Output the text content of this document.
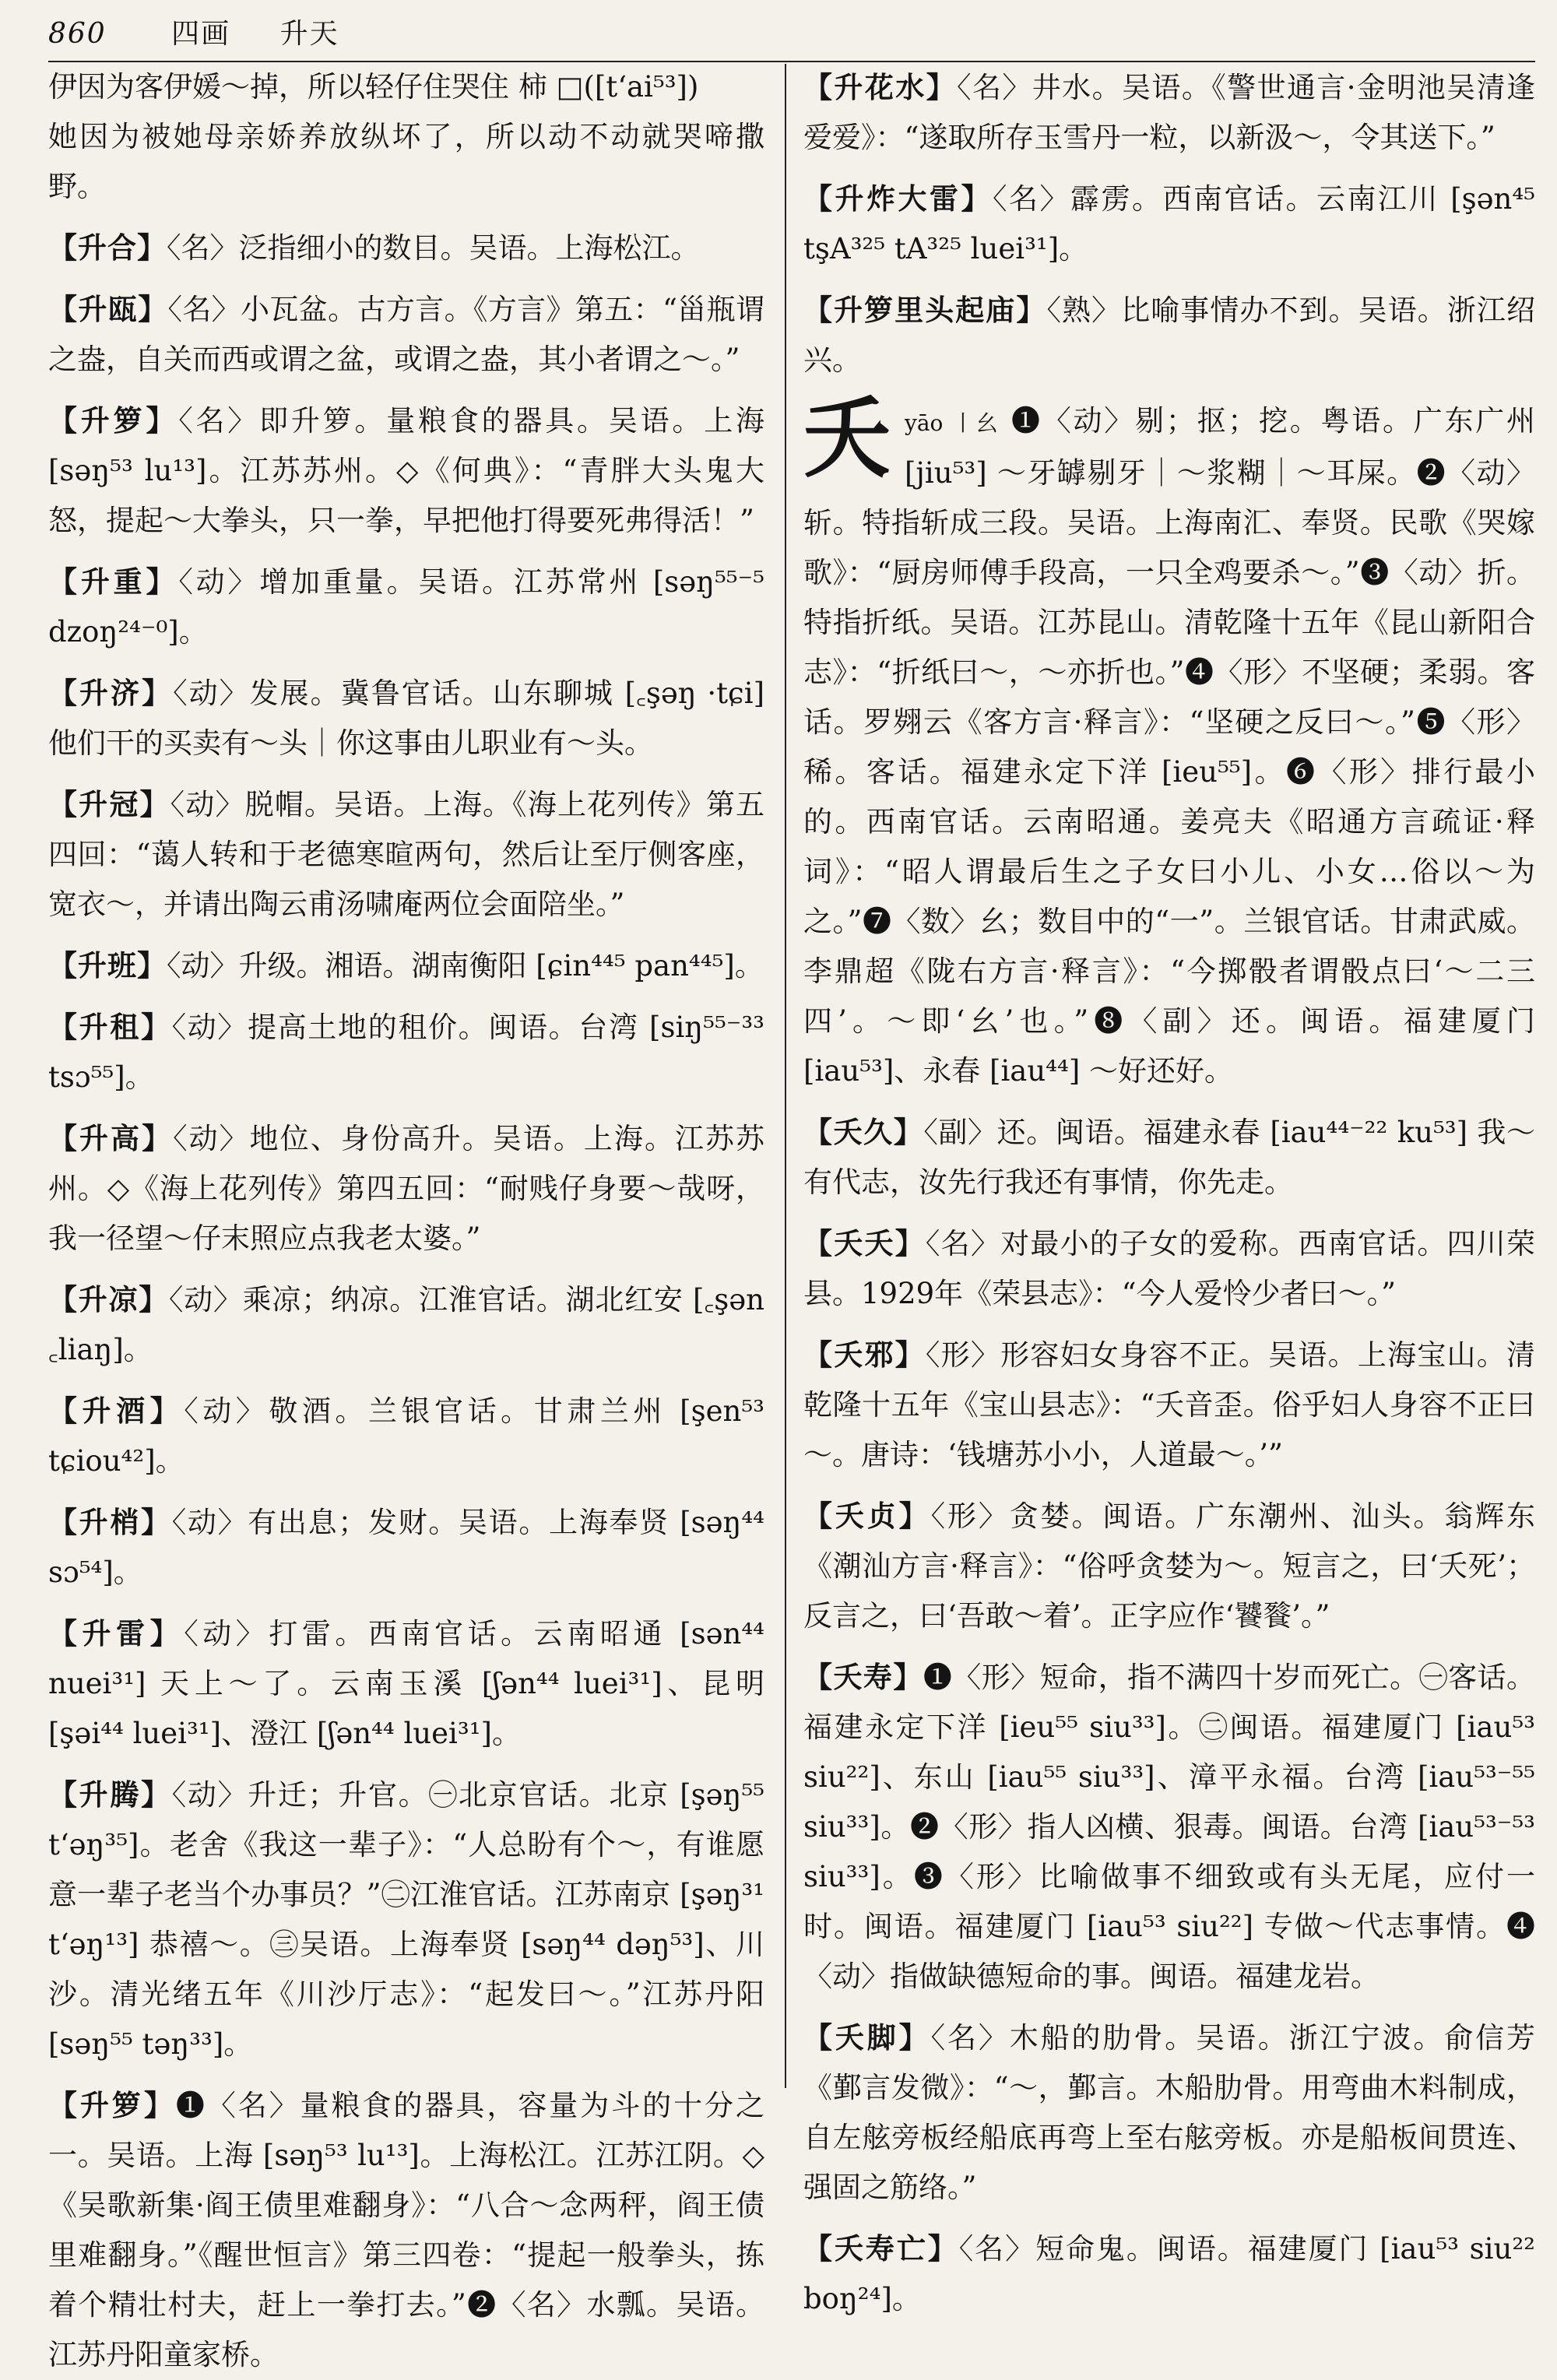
860 四画 升天
伊因为客伊媛～掉，所以轻仔住哭住 柿 □([t‘ai⁵³])
她因为被她母亲娇养放纵坏了，所以动不动就哭啼撒野。

【升合】〈名〉泛指细小的数目。吴语。上海松江。

【升瓯】〈名〉小瓦盆。古方言。《方言》第五：“甾瓶谓之盎，自关而西或谓之盆，或谓之盎，其小者谓之～。”

【升箩】〈名〉即升箩。量粮食的器具。吴语。上海 [sәŋ⁵³ lu¹³]。江苏苏州。◇《何典》：“青胖大头鬼大怒，提起～大拳头，只一拳，早把他打得要死弗得活！”

【升重】〈动〉增加重量。吴语。江苏常州 [sәŋ⁵⁵⁻⁵ dzoŋ²⁴⁻⁰]。

【升济】〈动〉发展。冀鲁官话。山东聊城 [꜀şәŋ ·tɕi] 他们干的买卖有～头｜你这事由儿职业有～头。

【升冠】〈动〉脱帽。吴语。上海。《海上花列传》第五四回：“蔼人转和于老德寒暄两句，然后让至厅侧客座，宽衣～，并请出陶云甫汤啸庵两位会面陪坐。”

【升班】〈动〉升级。湘语。湖南衡阳 [ɕin⁴⁴⁵ pan⁴⁴⁵]。

【升租】〈动〉提高土地的租价。闽语。台湾 [siŋ⁵⁵⁻³³ tsɔ⁵⁵]。

【升高】〈动〉地位、身份高升。吴语。上海。江苏苏州。◇《海上花列传》第四五回：“耐贱仔身要～哉呀，我一径望～仔末照应点我老太婆。”

【升凉】〈动〉乘凉；纳凉。江淮官话。湖北红安 [꜀şәn ꜀liaŋ]。

【升酒】〈动〉敬酒。兰银官话。甘肃兰州 [şen⁵³ tɕiou⁴²]。

【升梢】〈动〉有出息；发财。吴语。上海奉贤 [sәŋ⁴⁴ sɔ⁵⁴]。

【升雷】〈动〉打雷。西南官话。云南昭通 [sәn⁴⁴ nuei³¹] 天上～了。云南玉溪 [ʃәn⁴⁴ luei³¹]、昆明 [şәi⁴⁴ luei³¹]、澄江 [ʃәn⁴⁴ luei³¹]。

【升腾】〈动〉升迁；升官。㊀北京官话。北京 [şәŋ⁵⁵ t‘әŋ³⁵]。老舍《我这一辈子》：“人总盼有个～，有谁愿意一辈子老当个办事员？”㊁江淮官话。江苏南京 [şәŋ³¹ t‘әŋ¹³] 恭禧～。㊂吴语。上海奉贤 [sәŋ⁴⁴ dәŋ⁵³]、川沙。清光绪五年《川沙厅志》：“起发曰～。”江苏丹阳 [sәŋ⁵⁵ tәŋ³³]。

【升箩】❶〈名〉量粮食的器具，容量为斗的十分之一。吴语。上海 [sәŋ⁵³ lu¹³]。上海松江。江苏江阴。◇《吴歌新集·阎王债里难翻身》：“八合～念两秤，阎王债里难翻身。”《醒世恒言》第三四卷：“提起一般拳头，拣着个精壮村夫，赶上一拳打去。”❷〈名〉水瓢。吴语。江苏丹阳童家桥。

【升花水】〈名〉井水。吴语。《警世通言·金明池吴清逢爱爱》：“遂取所存玉雪丹一粒，以新汲～，令其送下。”

【升炸大雷】〈名〉霹雳。西南官话。云南江川 [şәn⁴⁵ tşA³²⁵ tA³²⁵ luei³¹]。

【升箩里头起庙】〈熟〉比喻事情办不到。吴语。浙江绍兴。

夭 yāo 丨幺 ❶〈动〉剔；抠；挖。粤语。广东广州 [jiu⁵³] ～牙罅剔牙｜～浆糊｜～耳屎。❷〈动〉斩。特指斩成三段。吴语。上海南汇、奉贤。民歌《哭嫁歌》：“厨房师傅手段高，一只全鸡要杀～。”❸〈动〉折。特指折纸。吴语。江苏昆山。清乾隆十五年《昆山新阳合志》：“折纸曰～，～亦折也。”❹〈形〉不坚硬；柔弱。客话。罗翙云《客方言·释言》：“坚硬之反曰～。”❺〈形〉稀。客话。福建永定下洋 [ieu⁵⁵]。❻〈形〉排行最小的。西南官话。云南昭通。姜亮夫《昭通方言疏证·释词》：“昭人谓最后生之子女曰小儿、小女…俗以～为之。”❼〈数〉幺；数目中的“一”。兰银官话。甘肃武威。李鼎超《陇右方言·释言》：“今掷骰者谓骰点曰‘～二三四’。～即‘幺’也。”❽〈副〉还。闽语。福建厦门 [iau⁵³]、永春 [iau⁴⁴] ～好还好。

【夭久】〈副〉还。闽语。福建永春 [iau⁴⁴⁻²² ku⁵³] 我～有代志，汝先行我还有事情，你先走。

【夭夭】〈名〉对最小的子女的爱称。西南官话。四川荣县。1929年《荣县志》：“今人爱怜少者曰～。”

【夭邪】〈形〉形容妇女身容不正。吴语。上海宝山。清乾隆十五年《宝山县志》：“夭音歪。俗乎妇人身容不正曰～。唐诗：‘钱塘苏小小，人道最～。’”

【夭贞】〈形〉贪婪。闽语。广东潮州、汕头。翁辉东《潮汕方言·释言》：“俗呼贪婪为～。短言之，曰‘夭死’；反言之，曰‘吾敢～着’。正字应作‘饕餮’。”

【夭寿】❶〈形〉短命，指不满四十岁而死亡。㊀客话。福建永定下洋 [ieu⁵⁵ siu³³]。㊁闽语。福建厦门 [iau⁵³ siu²²]、东山 [iau⁵⁵ siu³³]、漳平永福。台湾 [iau⁵³⁻⁵⁵ siu³³]。❷〈形〉指人凶横、狠毒。闽语。台湾 [iau⁵³⁻⁵³ siu³³]。❸〈形〉比喻做事不细致或有头无尾，应付一时。闽语。福建厦门 [iau⁵³ siu²²] 专做～代志事情。❹〈动〉指做缺德短命的事。闽语。福建龙岩。

【夭脚】〈名〉木船的肋骨。吴语。浙江宁波。俞信芳《鄞言发微》：“～，鄞言。木船肋骨。用弯曲木料制成，自左舷旁板经船底再弯上至右舷旁板。亦是船板间贯连、强固之筋络。”

【夭寿亡】〈名〉短命鬼。闽语。福建厦门 [iau⁵³ siu²² boŋ²⁴]。
